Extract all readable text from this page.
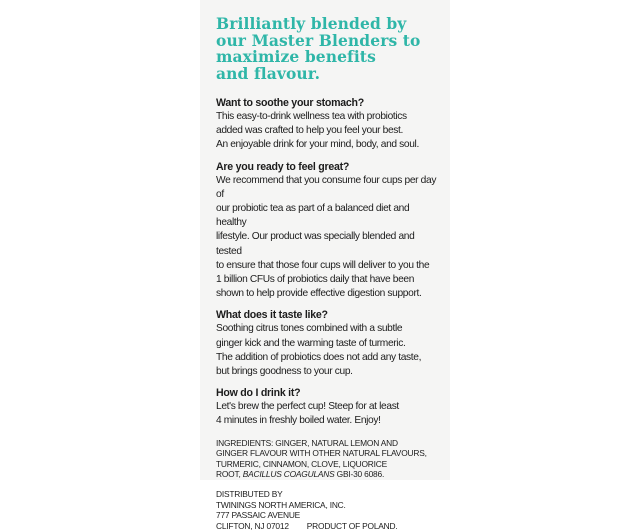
Brilliantly blended by
our Master Blenders to
maximize benefits
and flavour.
Want to soothe your stomach?
This easy-to-drink wellness tea with probiotics
added was crafted to help you feel your best.
An enjoyable drink for your mind, body, and soul.
Are you ready to feel great?
We recommend that you consume four cups per day of
our probiotic tea as part of a balanced diet and healthy
lifestyle. Our product was specially blended and tested
to ensure that those four cups will deliver to you the
1 billion CFUs of probiotics daily that have been
shown to help provide effective digestion support.
What does it taste like?
Soothing citrus tones combined with a subtle
ginger kick and the warming taste of turmeric.
The addition of probiotics does not add any taste,
but brings goodness to your cup.
How do I drink it?
Let's brew the perfect cup! Steep for at least
4 minutes in freshly boiled water. Enjoy!
INGREDIENTS: GINGER, NATURAL LEMON AND
GINGER FLAVOUR WITH OTHER NATURAL FLAVOURS,
TURMERIC, CINNAMON, CLOVE, LIQUORICE
ROOT, BACILLUS COAGULANS GBI-30 6086.
DISTRIBUTED BY
TWININGS NORTH AMERICA, INC.
777 PASSAIC AVENUE
CLIFTON, NJ 07012 PRODUCT OF POLAND.
